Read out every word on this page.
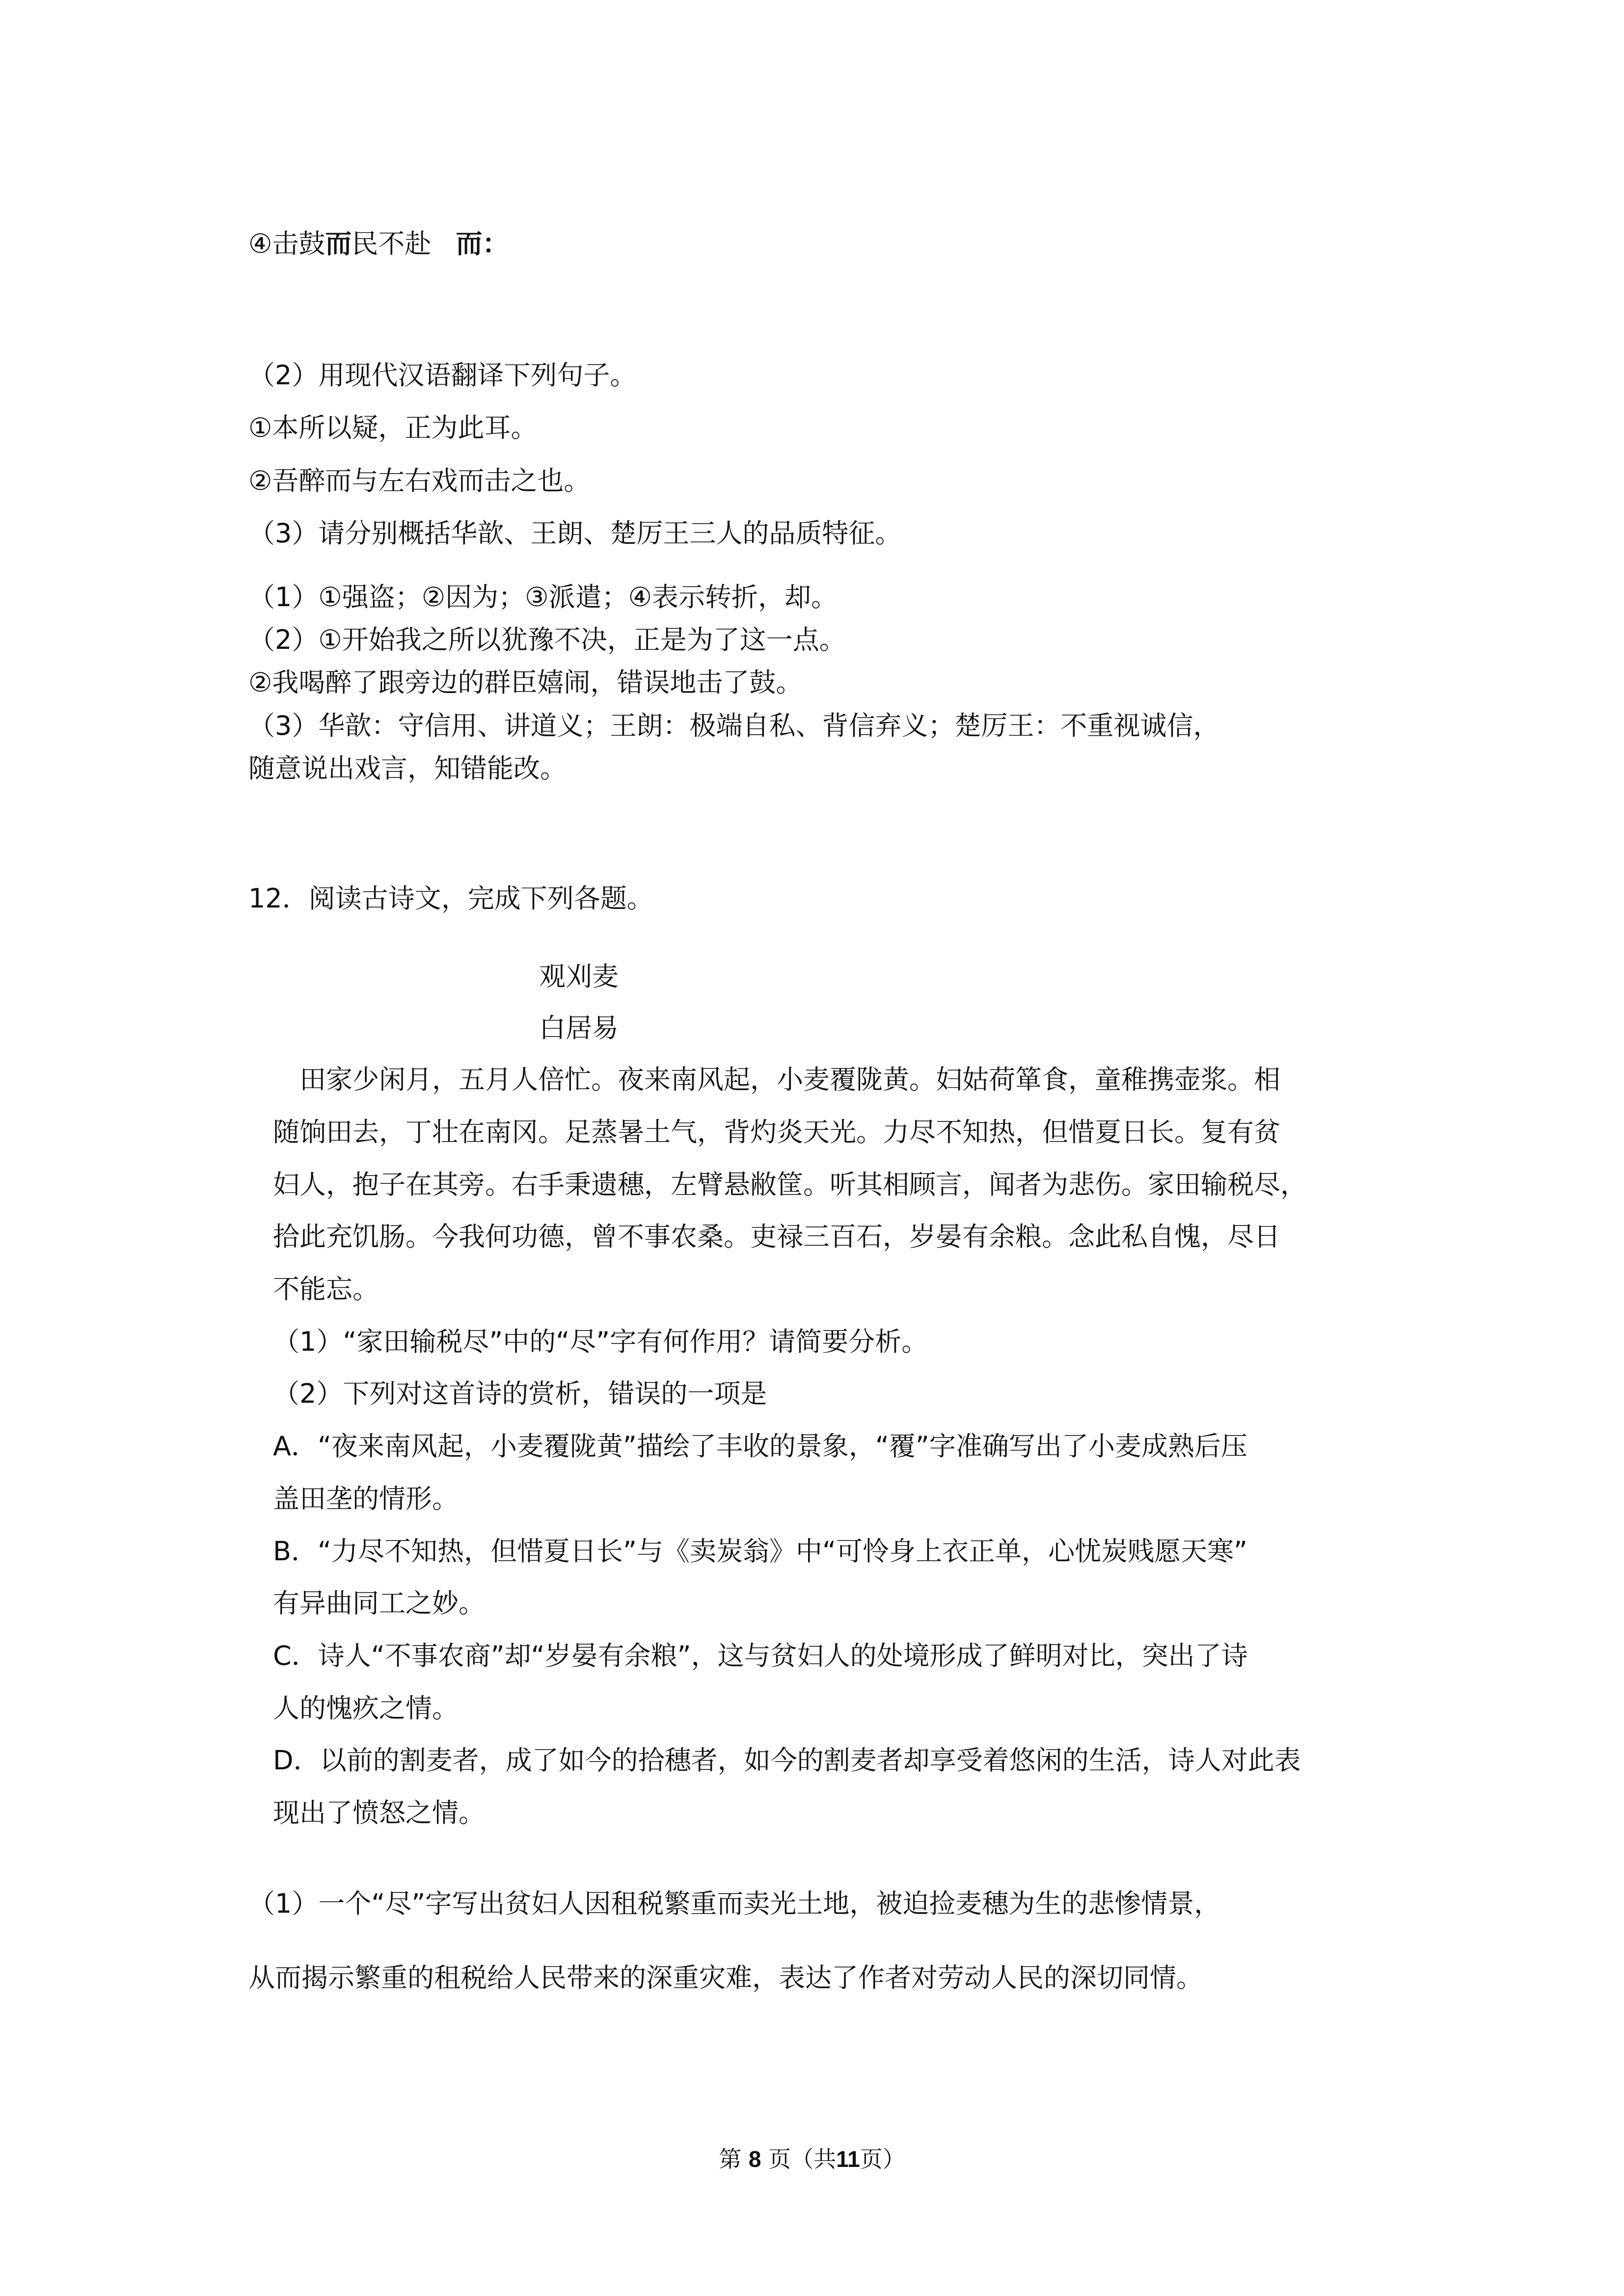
④击鼓而民不赴 而：
（2）用现代汉语翻译下列句子。
①本所以疑，正为此耳。
②吾醉而与左右戏而击之也。
（3）请分别概括华歆、王朗、楚厉王三人的品质特征。
（1）①强盗；②因为；③派遣；④表示转折，却。
（2）①开始我之所以犹豫不决，正是为了这一点。
②我喝醉了跟旁边的群臣嬉闹，错误地击了鼓。
（3）华歆：守信用、讲道义；王朗：极端自私、背信弃义；楚厉王：不重视诚信，
随意说出戏言，知错能改。
12．阅读古诗文，完成下列各题。
观刈麦
白居易
田家少闲月，五月人倍忙。夜来南风起，小麦覆陇黄。妇姑荷箪食，童稚携壶浆。相
随饷田去，丁壮在南冈。足蒸暑土气，背灼炎天光。力尽不知热，但惜夏日长。复有贫
妇人，抱子在其旁。右手秉遗穗，左臂悬敝筐。听其相顾言，闻者为悲伤。家田输税尽，
拾此充饥肠。今我何功德，曾不事农桑。吏禄三百石，岁晏有余粮。念此私自愧，尽日
不能忘。
（1）“家田输税尽”中的“尽”字有何作用？请简要分析。
（2）下列对这首诗的赏析，错误的一项是
A．“夜来南风起，小麦覆陇黄”描绘了丰收的景象，“覆”字准确写出了小麦成熟后压
盖田垄的情形。
B．“力尽不知热，但惜夏日长”与《卖炭翁》中“可怜身上衣正单，心忧炭贱愿天寒”
有异曲同工之妙。
C．诗人“不事农商”却“岁晏有余粮”，这与贫妇人的处境形成了鲜明对比，突出了诗
人的愧疚之情。
D．以前的割麦者，成了如今的拾穗者，如今的割麦者却享受着悠闲的生活，诗人对此表
现出了愤怒之情。
（1）一个“尽”字写出贫妇人因租税繁重而卖光土地，被迫捡麦穗为生的悲惨情景，
从而揭示繁重的租税给人民带来的深重灾难，表达了作者对劳动人民的深切同情。
第 8 页（共11页）
